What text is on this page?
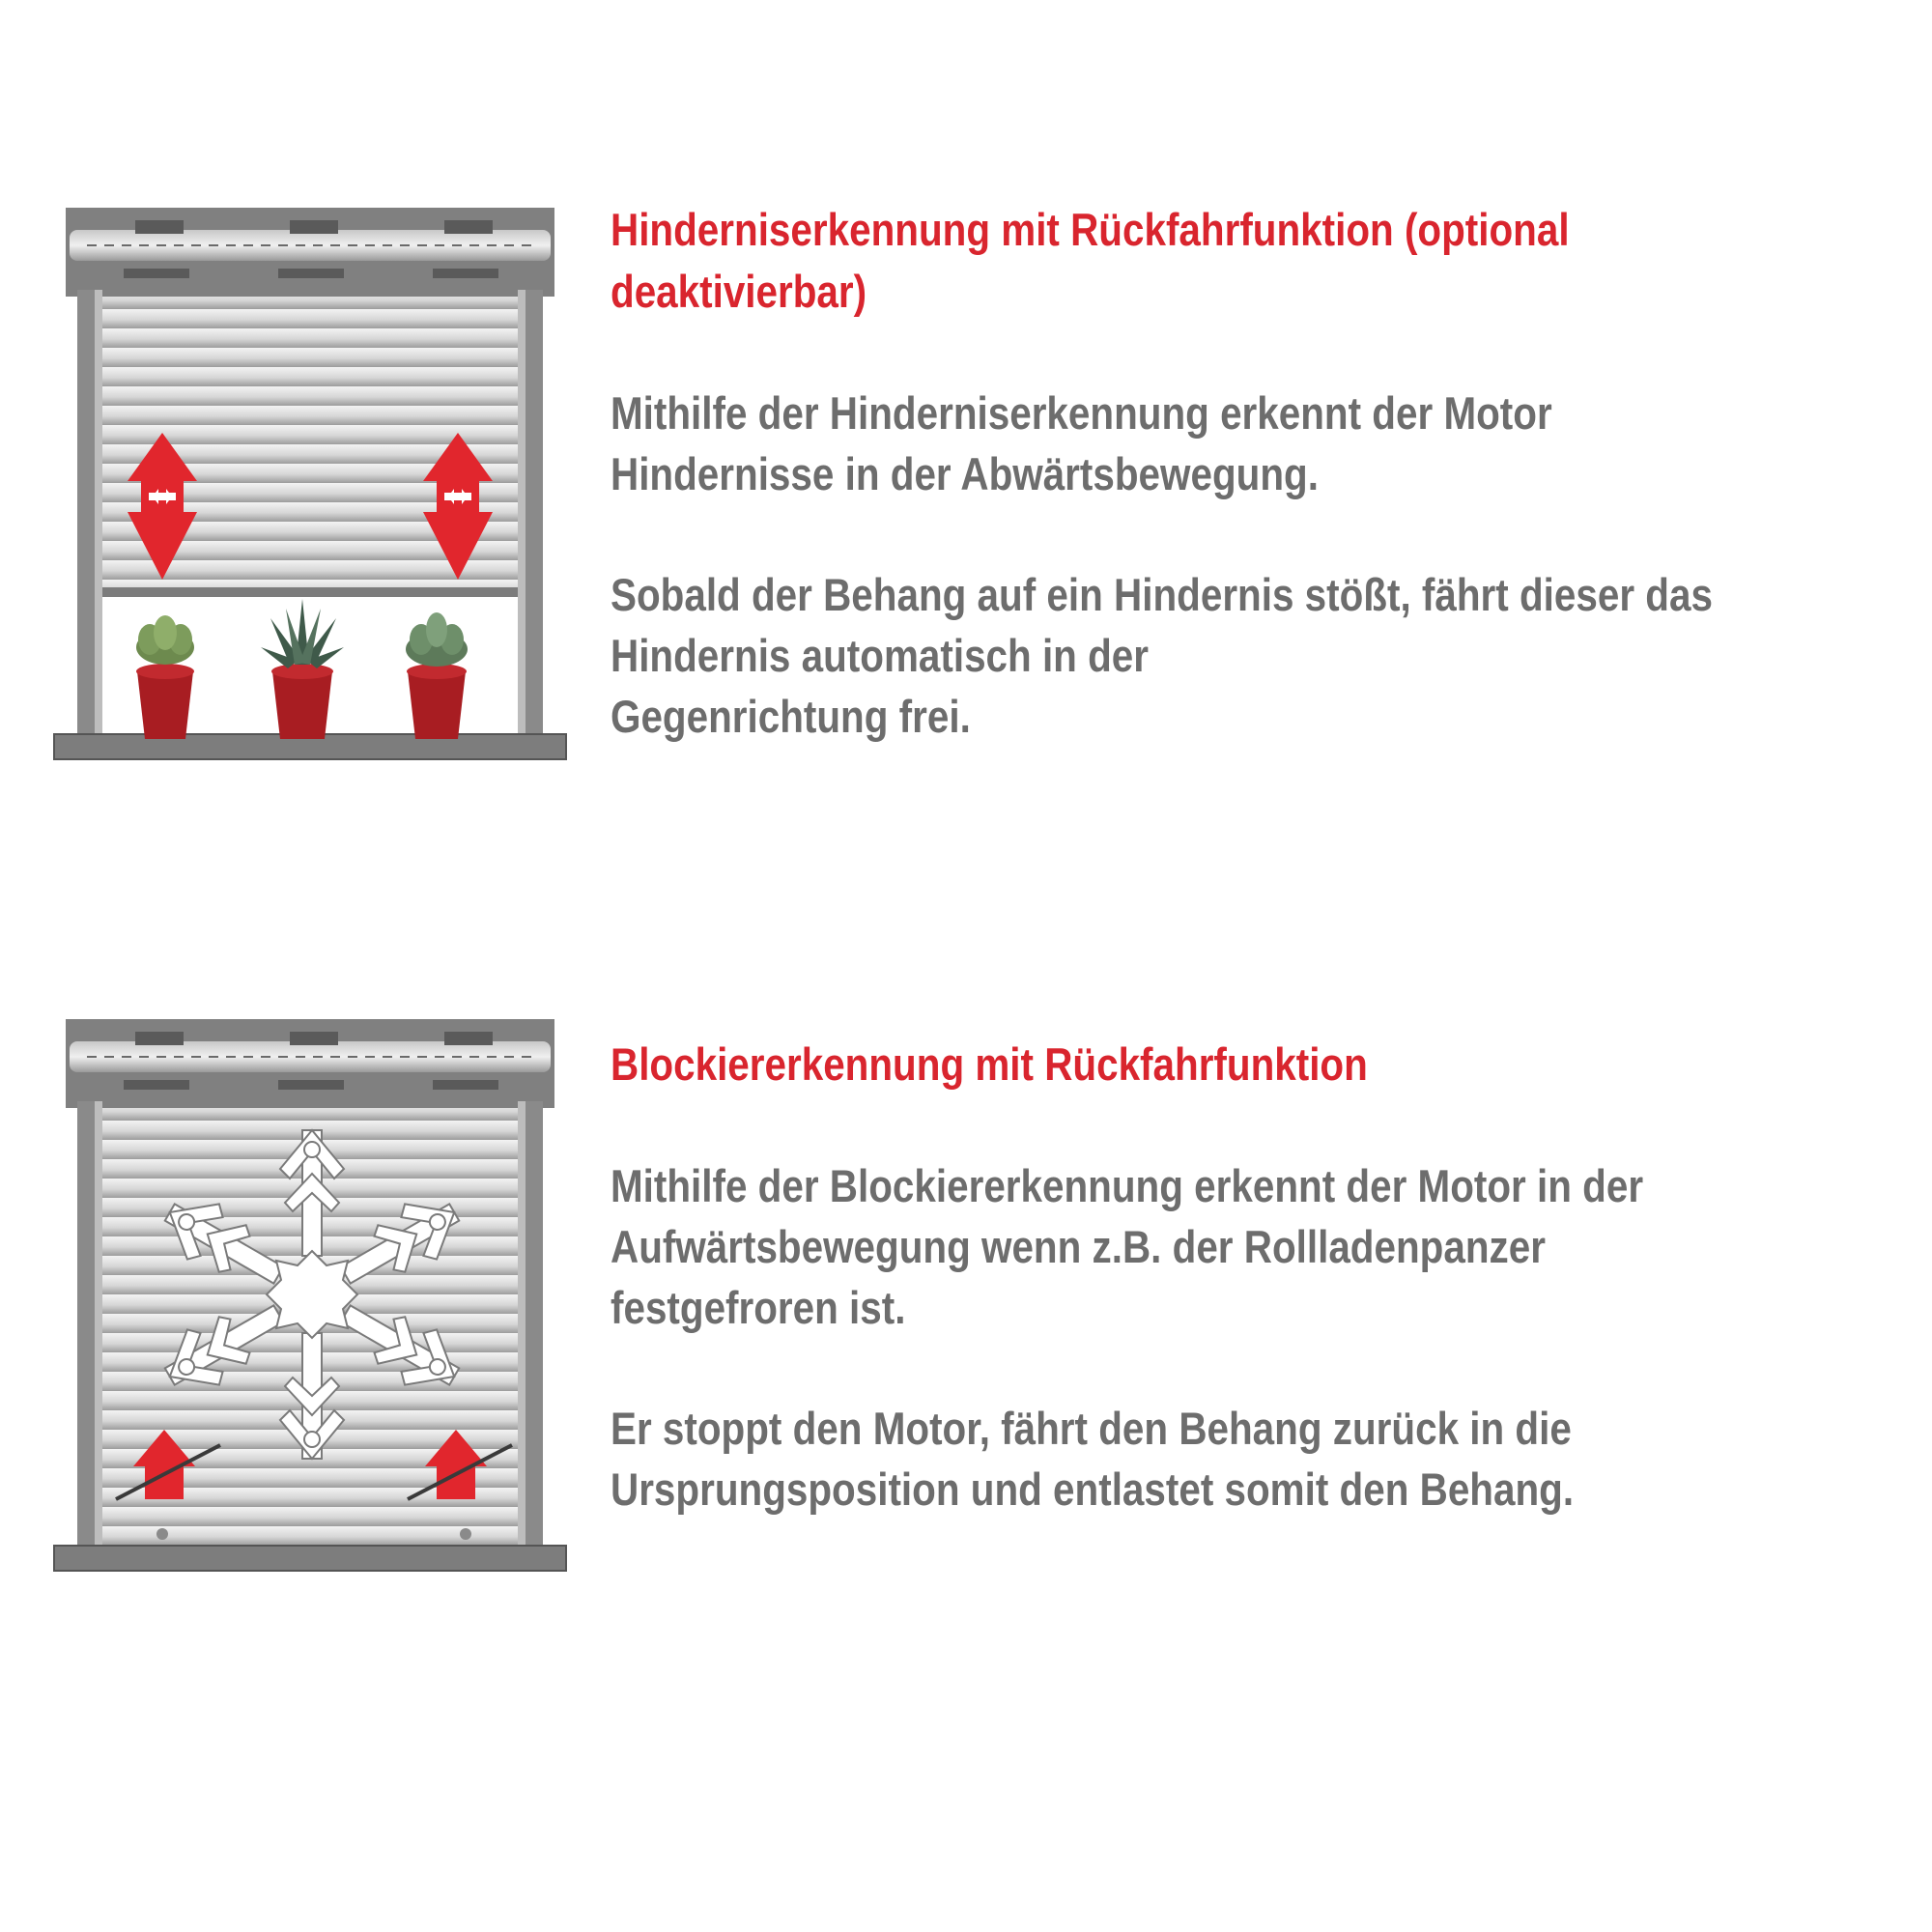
Hinderniserkennung mit Rückfahrfunktion (optional
deaktivierbar)

Mithilfe der Hinderniserkennung erkennt der Motor
Hindernisse in der Abwärtsbewegung.

Sobald der Behang auf ein Hindernis stößt, fährt dieser das
Hindernis automatisch in der
Gegenrichtung frei.

Blockiererkennung mit Rückfahrfunktion

Mithilfe der Blockiererkennung erkennt der Motor in der
Aufwärtsbewegung wenn z.B. der Rollladenpanzer
festgefroren ist.

Er stoppt den Motor, fährt den Behang zurück in die
Ursprungsposition und entlastet somit den Behang.
